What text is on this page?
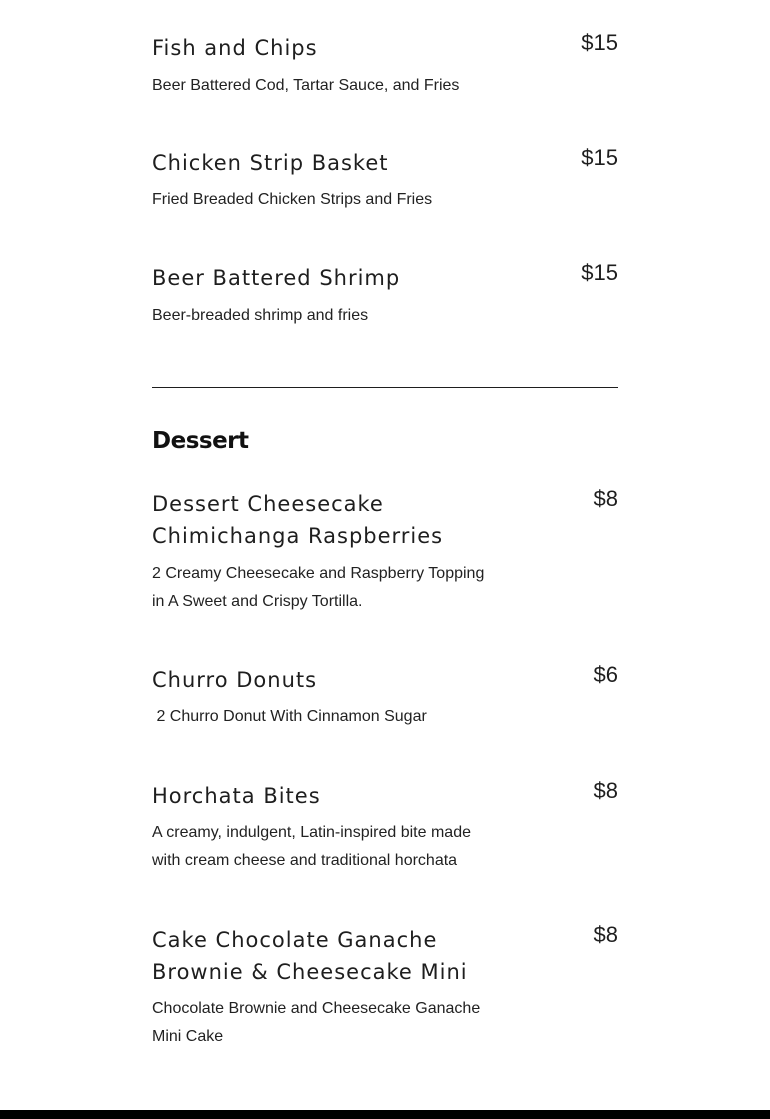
Fish and Chips	$15
Beer Battered Cod, Tartar Sauce, and Fries
Chicken Strip Basket	$15
Fried Breaded Chicken Strips and Fries
Beer Battered Shrimp	$15
Beer-breaded shrimp and fries
Dessert
Dessert Cheesecake Chimichanga Raspberries
$8
2 Creamy Cheesecake and Raspberry Topping in A Sweet and Crispy Tortilla.
Churro Donuts	$6
2 Churro Donut With Cinnamon Sugar
Horchata Bites	$8
A creamy, indulgent, Latin-inspired bite made with cream cheese and traditional horchata
Cake Chocolate Ganache Brownie & Cheesecake Mini
$8
Chocolate Brownie and Cheesecake Ganache Mini Cake
